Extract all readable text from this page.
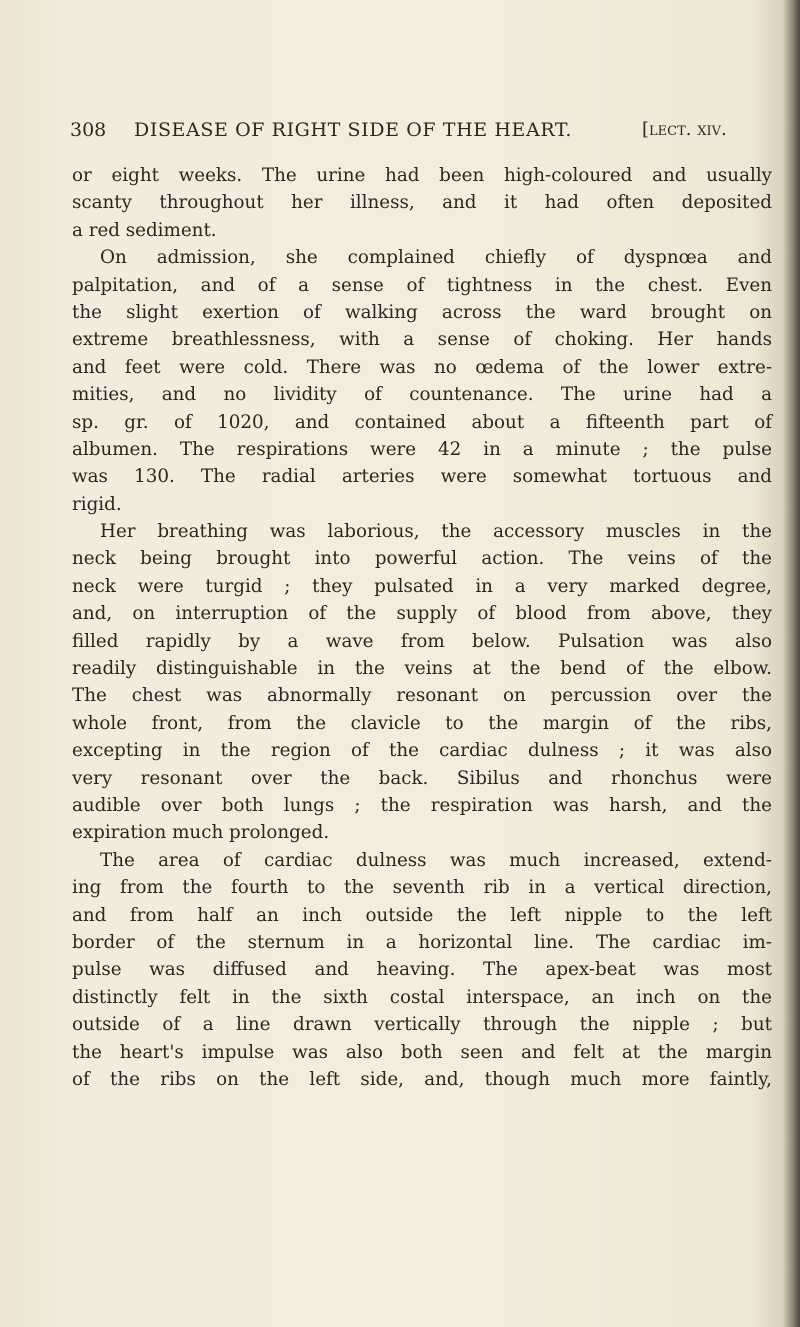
308 DISEASE OF RIGHT SIDE OF THE HEART.	[lect. xiv.
or eight weeks. The urine had been high-coloured and usually
scanty throughout her illness, and it had often deposited
a red sediment.
On admission, she complained chiefly of dyspnœa and
palpitation, and of a sense of tightness in the chest. Even
the slight exertion of walking across the ward brought on
extreme breathlessness, with a sense of choking. Her hands
and feet were cold. There was no œdema of the lower extre-
mities, and no lividity of countenance. The urine had a
sp. gr. of 1020, and contained about a fifteenth part of
albumen. The respirations were 42 in a minute ; the pulse
was 130. The radial arteries were somewhat tortuous and
rigid.
Her breathing was laborious, the accessory muscles in the
neck being brought into powerful action. The veins of the
neck were turgid ; they pulsated in a very marked degree,
and, on interruption of the supply of blood from above, they
filled rapidly by a wave from below. Pulsation was also
readily distinguishable in the veins at the bend of the elbow.
The chest was abnormally resonant on percussion over the
whole front, from the clavicle to the margin of the ribs,
excepting in the region of the cardiac dulness ; it was also
very resonant over the back. Sibilus and rhonchus were
audible over both lungs ; the respiration was harsh, and the
expiration much prolonged.
The area of cardiac dulness was much increased, extend-
ing from the fourth to the seventh rib in a vertical direction,
and from half an inch outside the left nipple to the left
border of the sternum in a horizontal line. The cardiac im-
pulse was diffused and heaving. The apex-beat was most
distinctly felt in the sixth costal interspace, an inch on the
outside of a line drawn vertically through the nipple ; but
the heart's impulse was also both seen and felt at the margin
of the ribs on the left side, and, though much more faintly,
